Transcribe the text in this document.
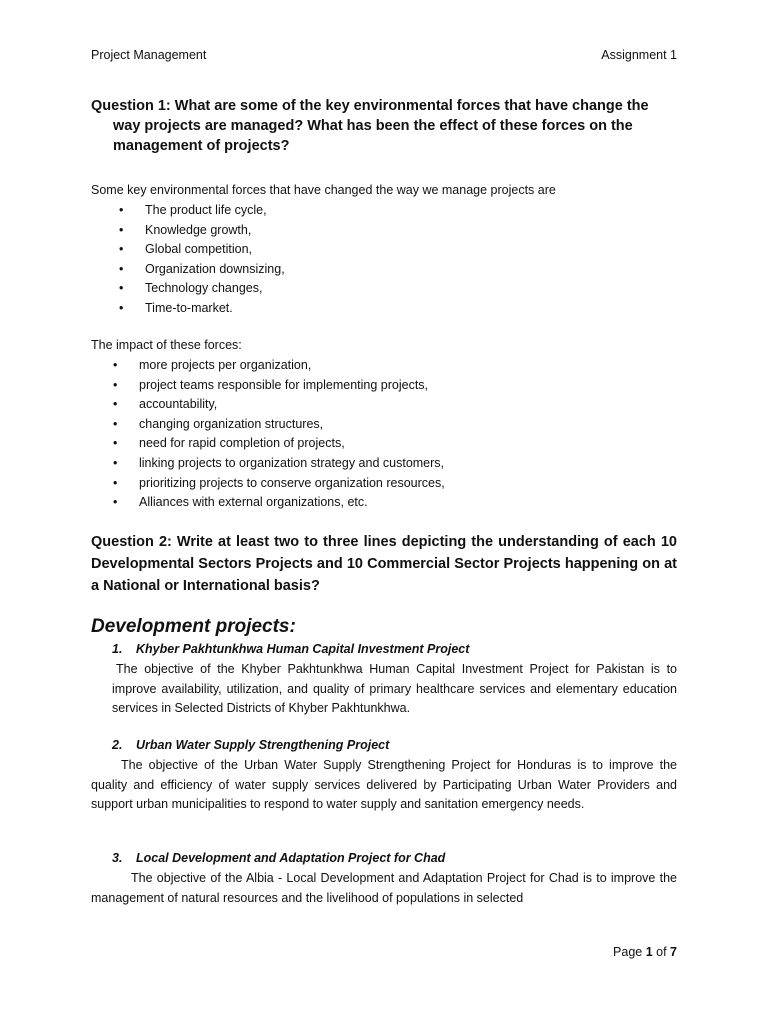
Project Management	Assignment 1
Question 1: What are some of the key environmental forces that have change the way projects are managed? What has been the effect of these forces on the management of projects?
Some key environmental forces that have changed the way we manage projects are
• The product life cycle,
• Knowledge growth,
• Global competition,
• Organization downsizing,
• Technology changes,
• Time-to-market.
The impact of these forces:
• more projects per organization,
• project teams responsible for implementing projects,
• accountability,
• changing organization structures,
• need for rapid completion of projects,
• linking projects to organization strategy and customers,
• prioritizing projects to conserve organization resources,
• Alliances with external organizations, etc.
Question 2: Write at least two to three lines depicting the understanding of each 10 Developmental Sectors Projects and 10 Commercial Sector Projects happening on at a National or International basis?
Development projects:
1. Khyber Pakhtunkhwa Human Capital Investment Project
The objective of the Khyber Pakhtunkhwa Human Capital Investment Project for Pakistan is to improve availability, utilization, and quality of primary healthcare services and elementary education services in Selected Districts of Khyber Pakhtunkhwa.
2. Urban Water Supply Strengthening Project
The objective of the Urban Water Supply Strengthening Project for Honduras is to improve the quality and efficiency of water supply services delivered by Participating Urban Water Providers and support urban municipalities to respond to water supply and sanitation emergency needs.
3. Local Development and Adaptation Project for Chad
The objective of the Albia - Local Development and Adaptation Project for Chad is to improve the management of natural resources and the livelihood of populations in selected
Page 1 of 7
